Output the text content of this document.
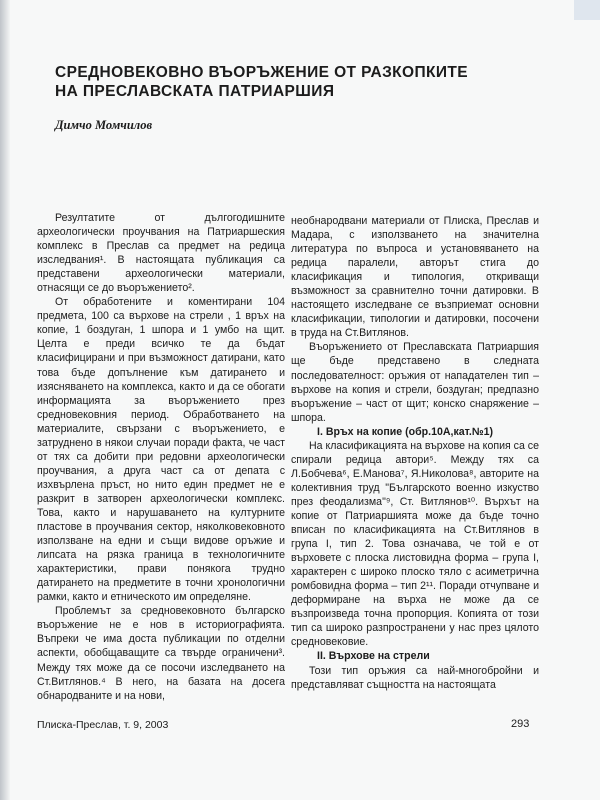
СРЕДНОВЕКОВНО ВЪОРЪЖЕНИЕ ОТ РАЗКОПКИТЕ
НА ПРЕСЛАВСКАТА ПАТРИАРШИЯ

Димчо Момчилов

Резултатите от дългогодишните археологически проучвания на Патриаршеския комплекс в Преслав са предмет на редица изследвания¹. В настоящата публикация са представени археологически материали, отнасящи се до въоръжението².

От обработените и коментирани 104 предмета, 100 са върхове на стрели , 1 връх на копие, 1 боздуган, 1 шпора и 1 умбо на щит. Целта е преди всичко те да бъдат класифицирани и при възможност датирани, като това бъде допълнение към датирането и изясняването на комплекса, както и да се обогати информацията за въоръжението през средновековния период. Обработването на материалите, свързани с въоръжението, е затруднено в някои случаи поради факта, че част от тях са добити при редовни археологически проучвания, а друга част са от депата с изхвърлена пръст, но нито един предмет не е разкрит в затворен археологически комплекс. Това, както и нарушаването на културните пластове в проучвания сектор, няколковековното използване на едни и същи видове оръжие и липсата на рязка граница в технологичните характеристики, прави понякога трудно датирането на предметите в точни хронологични рамки, както и етническото им определяне.

Проблемът за средновековното българско въоръжение не е нов в историографията. Въпреки че има доста публикации по отделни аспекти, обобщаващите са твърде ограничени³. Между тях може да се посочи изследването на Ст.Витлянов.⁴ В него, на базата на досега обнародваните и на нови,

необнародвани материали от Плиска, Преслав и Мадара, с използването на значителна литература по въпроса и установяването на редица паралели, авторът стига до класификация и типология, откриващи възможност за сравнително точни датировки. В настоящето изследване се възприемат основни класификации, типологии и датировки, посочени в труда на Ст.Витлянов.

Въоръжението от Преславската Патриаршия ще бъде представено в следната последователност: оръжия от нападателен тип – върхове на копия и стрели, боздуган; предпазно въоръжение – част от щит; конско снаряжение – шпора.

I. Връх на копие (обр.10А,кат.№1)

На класификацията на върхове на копия са се спирали редица автори⁵. Между тях са Л.Бобчева⁶, Е.Манова⁷, Я.Николова⁸, авторите на колективния труд "Българското военно изкуство през феодализма"⁹, Ст. Витлянов¹⁰. Върхът на копие от Патриаршията може да бъде точно вписан по класификацията на Ст.Витлянов в група I, тип 2. Това означава, че той е от върховете с плоска листовидна форма – група I, характерен с широко плоско тяло с асиметрична ромбовидна форма – тип 2¹¹. Поради отчупване и деформиране на върха не може да се възпроизведа точна пропорция. Копията от този тип са широко разпространени у нас през цялото средновековие.

II. Върхове на стрели

Този тип оръжия са най-многобройни и представляват същността на настоящата

Плиска-Преслав, т. 9, 2003	293
